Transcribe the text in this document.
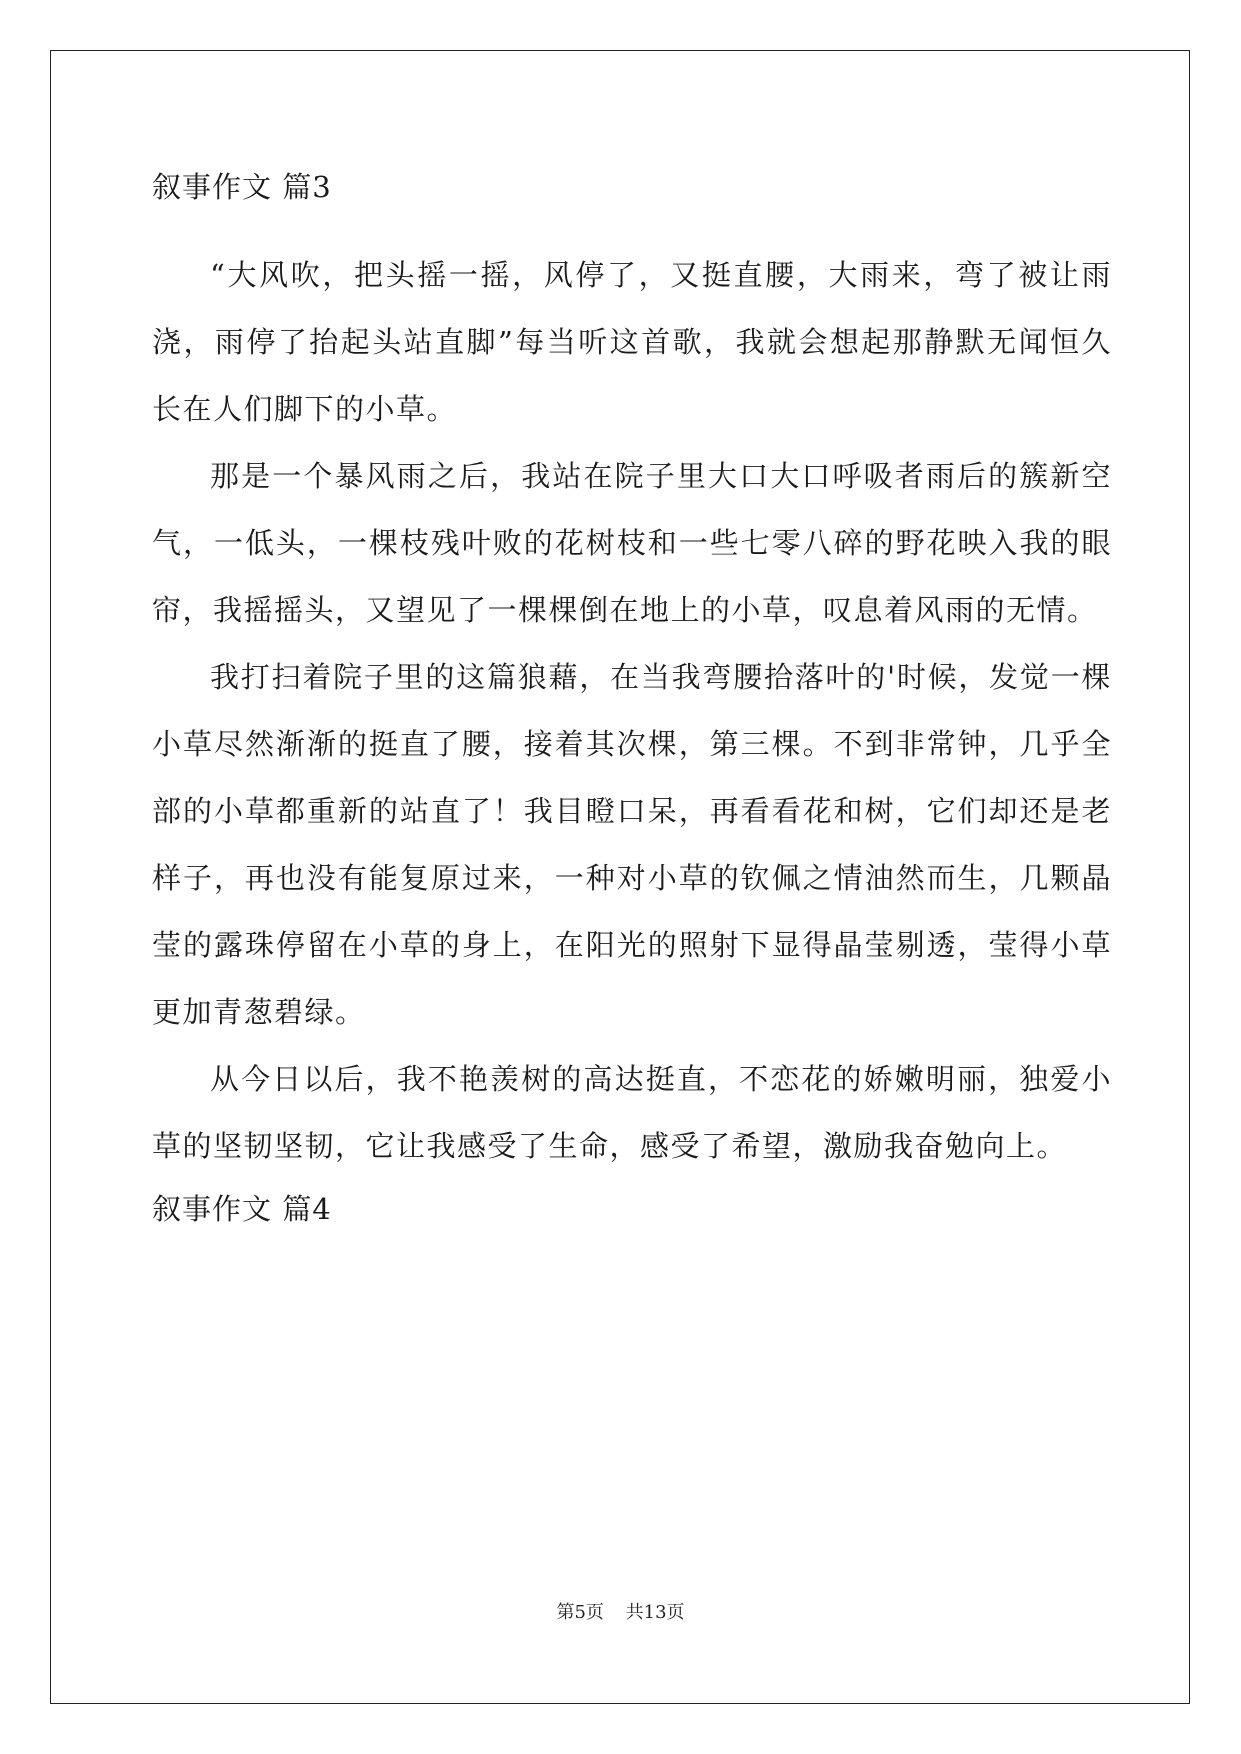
叙事作文 篇3

“大风吹，把头摇一摇，风停了，又挺直腰，大雨来，弯了被让雨浇，雨停了抬起头站直脚”每当听这首歌，我就会想起那静默无闻恒久长在人们脚下的小草。

那是一个暴风雨之后，我站在院子里大口大口呼吸者雨后的簇新空气，一低头，一棵枝残叶败的花树枝和一些七零八碎的野花映入我的眼帘，我摇摇头，又望见了一棵棵倒在地上的小草，叹息着风雨的无情。

我打扫着院子里的这篇狼藉，在当我弯腰拾落叶的'时候，发觉一棵小草尽然渐渐的挺直了腰，接着其次棵，第三棵。不到非常钟，几乎全部的小草都重新的站直了！我目瞪口呆，再看看花和树，它们却还是老样子，再也没有能复原过来，一种对小草的钦佩之情油然而生，几颗晶莹的露珠停留在小草的身上，在阳光的照射下显得晶莹剔透，莹得小草更加青葱碧绿。

从今日以后，我不艳羡树的高达挺直，不恋花的娇嫩明丽，独爱小草的坚韧坚韧，它让我感受了生命，感受了希望，激励我奋勉向上。

叙事作文 篇4

第5页 共13页
